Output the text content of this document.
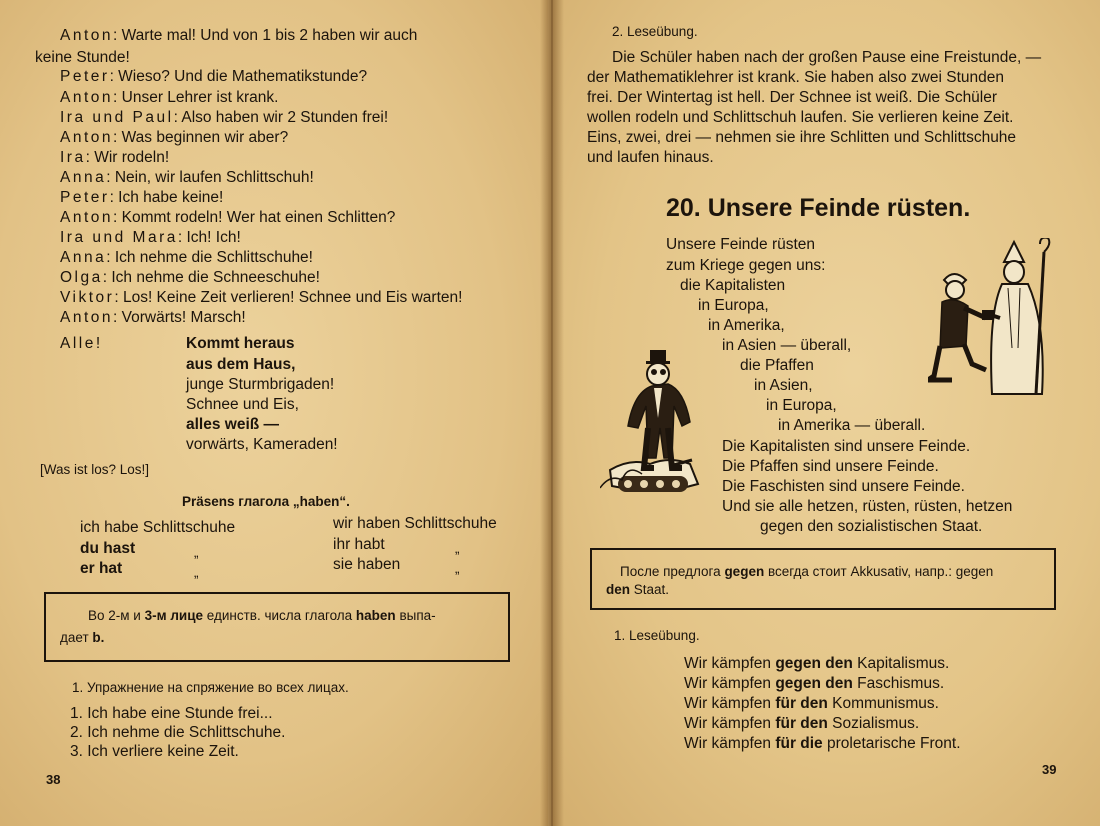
Anton: Warte mal! Und von 1 bis 2 haben wir auch
keine Stunde!
Peter: Wieso? Und die Mathematikstunde?
Anton: Unser Lehrer ist krank.
Ira und Paul: Also haben wir 2 Stunden frei!
Anton: Was beginnen wir aber?
Ira: Wir rodeln!
Anna: Nein, wir laufen Schlittschuh!
Peter: Ich habe keine!
Anton: Kommt rodeln! Wer hat einen Schlitten?
Ira und Mara: Ich! Ich!
Anna: Ich nehme die Schlittschuhe!
Olga: Ich nehme die Schneeschuhe!
Viktor: Los! Keine Zeit verlieren! Schnee und Eis warten!
Anton: Vorwärts! Marsch!
Alle!	Kommt heraus
aus dem Haus,
junge Sturmbrigaden!
Schnee und Eis,
alles weiß —
vorwärts, Kameraden!
[Was ist los? Los!]
Präsens глагола „haben“.
ich habe Schlittschuhe
du hast
er hat
„
„
wir haben Schlittschuhe
ihr habt
sie haben
„
„
Во 2-м и 3-м лице единств. числа глагола haben выпа-
дает b.
1. Упражнение на спряжение во всех лицах.
1. Ich habe eine Stunde frei...
2. Ich nehme die Schlittschuhe.
3. Ich verliere keine Zeit.
38
2. Leseübung.
Die Schüler haben nach der großen Pause eine Freistunde, —
der Mathematiklehrer ist krank. Sie haben also zwei Stunden
frei. Der Wintertag ist hell. Der Schnee ist weiß. Die Schüler
wollen rodeln und Schlittschuh laufen. Sie verlieren keine Zeit.
Eins, zwei, drei — nehmen sie ihre Schlitten und Schlittschuhe
und laufen hinaus.
20. Unsere Feinde rüsten.
Unsere Feinde rüsten
zum Kriege gegen uns:
die Kapitalisten
in Europa,
in Amerika,
in Asien — überall,
die Pfaffen
in Asien,
in Europa,
in Amerika — überall.
Die Kapitalisten sind unsere Feinde.
Die Pfaffen sind unsere Feinde.
Die Faschisten sind unsere Feinde.
Und sie alle hetzen, rüsten, rüsten, hetzen
gegen den sozialistischen Staat.
После предлога gegen всегда стоит Akkusativ, напр.: gegen
den Staat.
1. Leseübung.
Wir kämpfen gegen den Kapitalismus.
Wir kämpfen gegen den Faschismus.
Wir kämpfen für den Kommunismus.
Wir kämpfen für den Sozialismus.
Wir kämpfen für die proletarische Front.
39
